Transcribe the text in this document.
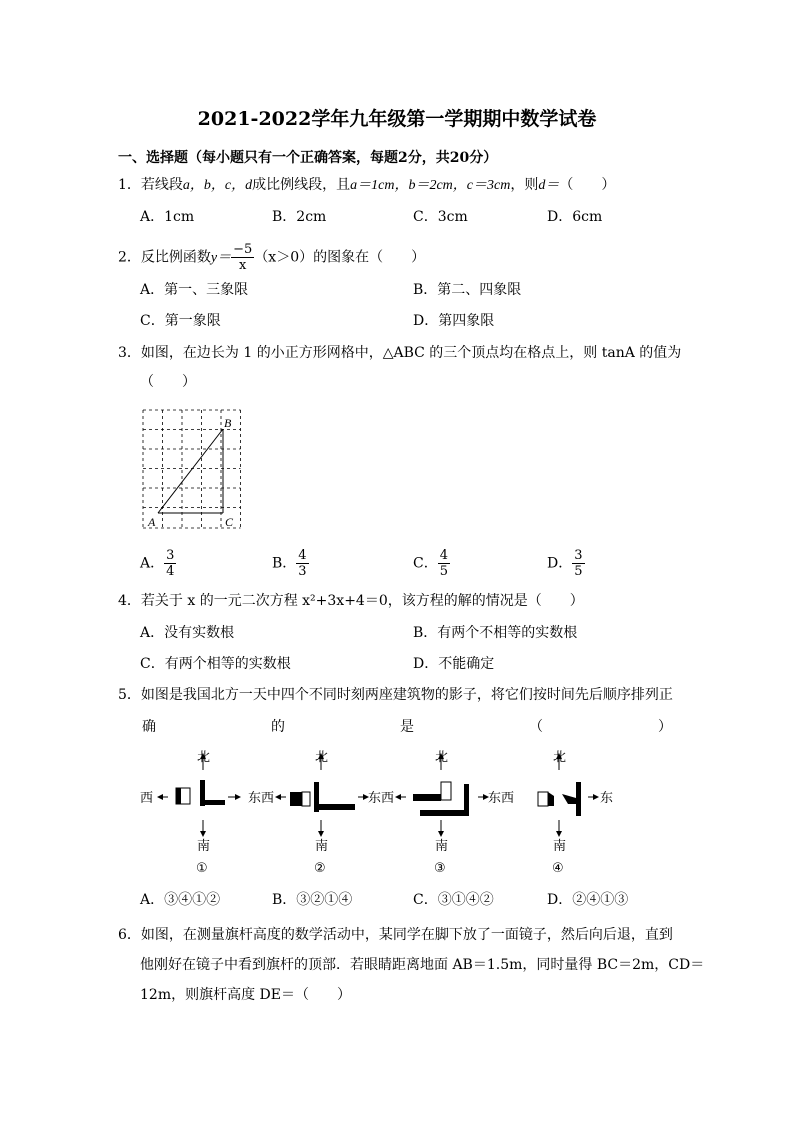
2021-2022学年九年级第一学期期中数学试卷
一、选择题（每小题只有一个正确答案，每题2分，共20分）
1．若线段a，b，c，d成比例线段，且a＝1cm，b＝2cm，c＝3cm，则d＝（　　）
A．1cm	B．2cm	C．3cm	D．6cm
2．反比例函数$y= \frac{-5}{x} (x>0)$的图象在（　　）
A．第一、三象限	B．第二、四象限
C．第一象限	D．第四象限
3．如图，在边长为 1 的小正方形网格中，△ABC 的三个顶点均在格点上，则 tanA 的值为
（　　）
A
B
C
A． $\frac{3}{4}$	B． $\frac{4}{3}$	C． $\frac{4}{5}$	D． $\frac{3}{5}$
4．若关于 x 的一元二次方程 x²+3x+4＝0，该方程的解的情况是（　　）
A．没有实数根	B．有两个不相等的实数根
C．有两个相等的实数根	D．不能确定
5．如图是我国北方一天中四个不同时刻两座建筑物的影子，将它们按时间先后顺序排列正
确	的	是	（	）
北
南
西	东西
北
南
东西
北
南
东西
北
南
东
①	②	③	④
A．③④①②	B．③②①④	C．③①④②	D．②④①③
6．如图，在测量旗杆高度的数学活动中，某同学在脚下放了一面镜子，然后向后退，直到
他刚好在镜子中看到旗杆的顶部．若眼睛距离地面 AB＝1.5m，同时量得 BC＝2m，CD＝
12m，则旗杆高度 DE＝（　　）
